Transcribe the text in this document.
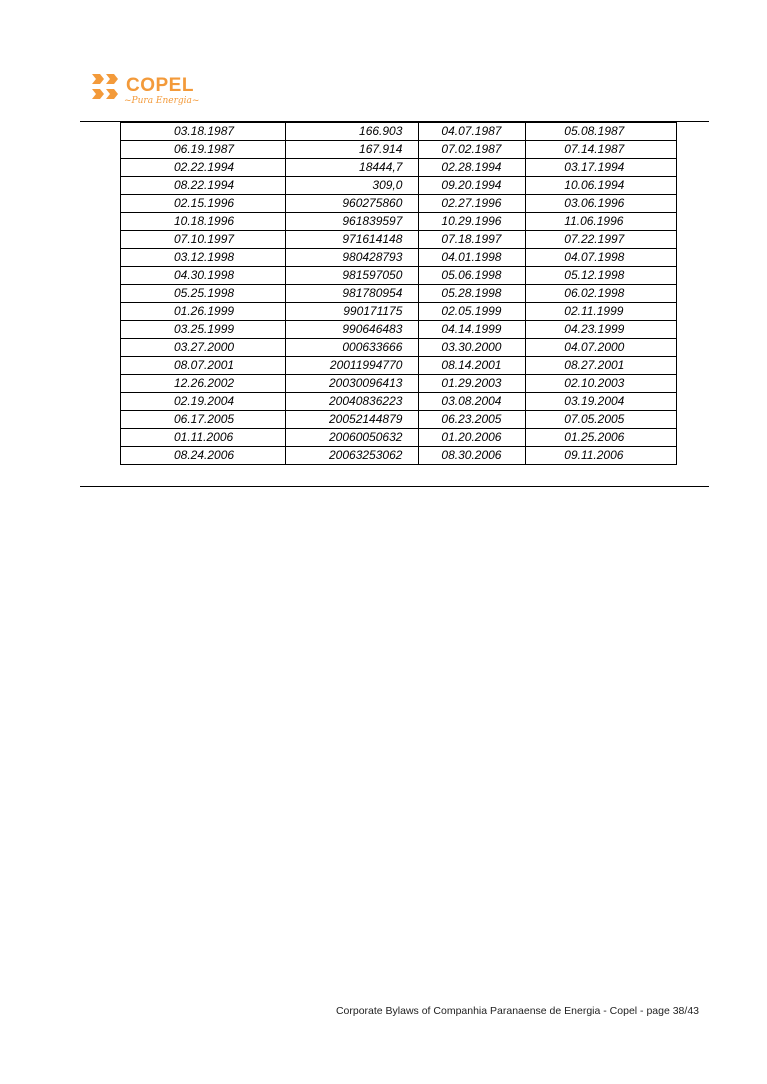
COPEL
~Pura Energia~
03.18.1987	166.903	04.07.1987	05.08.1987
06.19.1987	167.914	07.02.1987	07.14.1987
02.22.1994	18444,7	02.28.1994	03.17.1994
08.22.1994	309,0	09.20.1994	10.06.1994
02.15.1996	960275860	02.27.1996	03.06.1996
10.18.1996	961839597	10.29.1996	11.06.1996
07.10.1997	971614148	07.18.1997	07.22.1997
03.12.1998	980428793	04.01.1998	04.07.1998
04.30.1998	981597050	05.06.1998	05.12.1998
05.25.1998	981780954	05.28.1998	06.02.1998
01.26.1999	990171175	02.05.1999	02.11.1999
03.25.1999	990646483	04.14.1999	04.23.1999
03.27.2000	000633666	03.30.2000	04.07.2000
08.07.2001	20011994770	08.14.2001	08.27.2001
12.26.2002	20030096413	01.29.2003	02.10.2003
02.19.2004	20040836223	03.08.2004	03.19.2004
06.17.2005	20052144879	06.23.2005	07.05.2005
01.11.2006	20060050632	01.20.2006	01.25.2006
08.24.2006	20063253062	08.30.2006	09.11.2006
Corporate Bylaws of Companhia Paranaense de Energia - Copel - page 38/43
